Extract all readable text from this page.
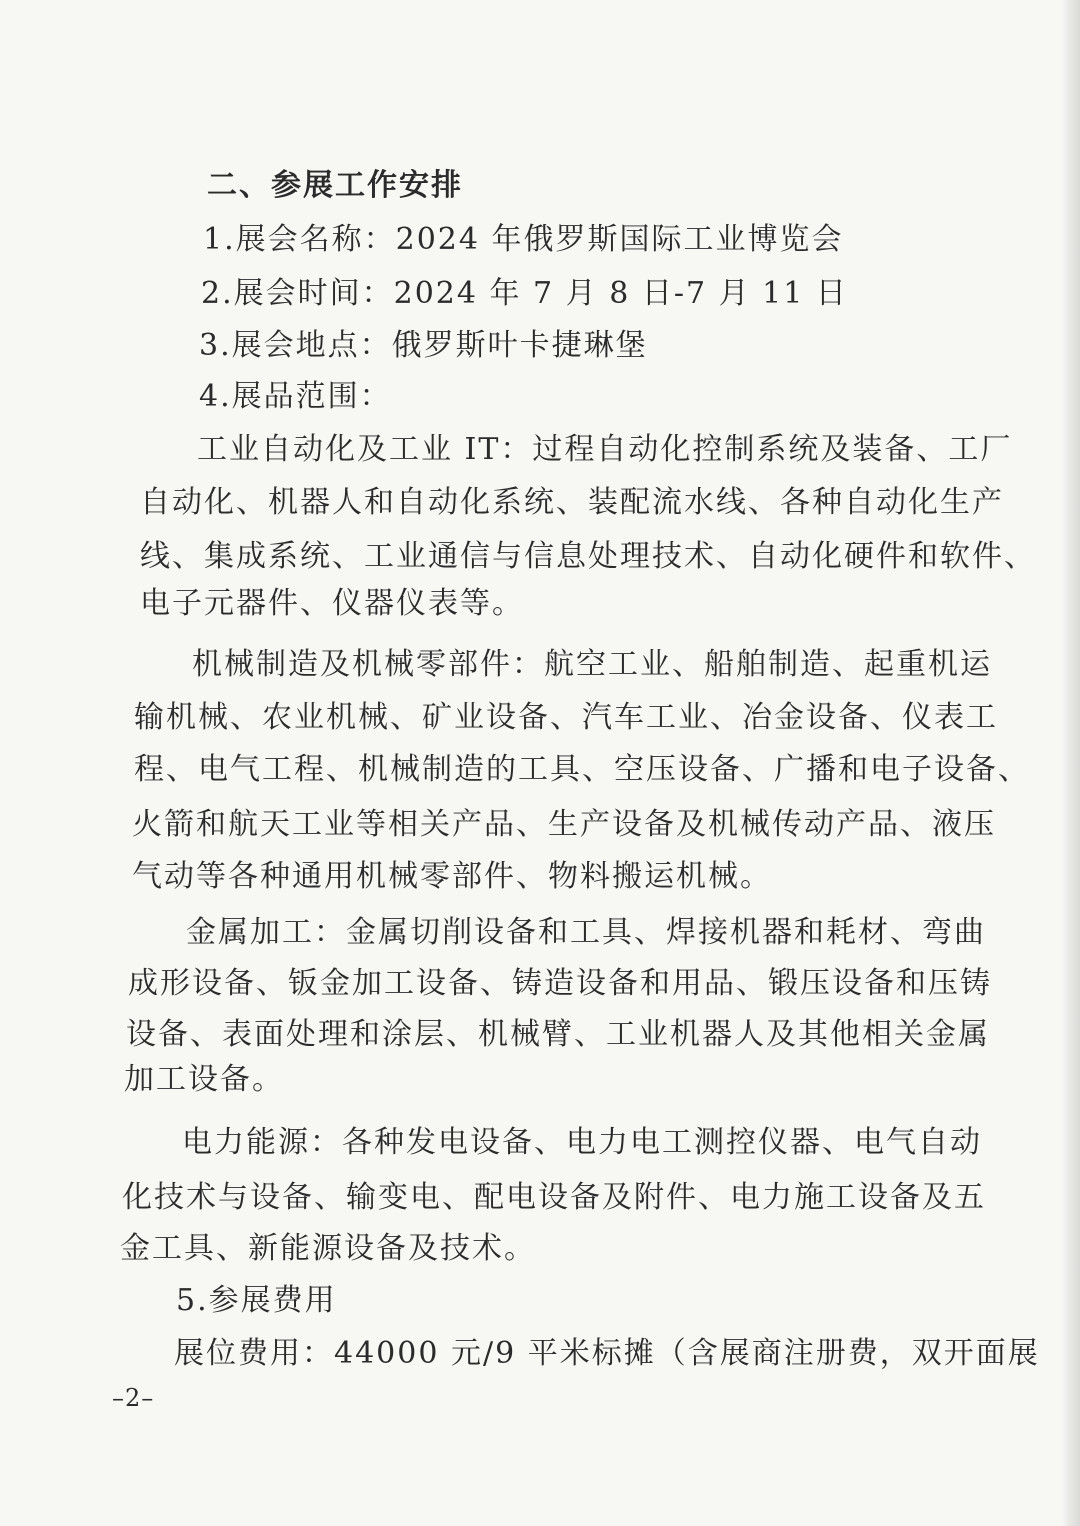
二、参展工作安排
1.展会名称：2024 年俄罗斯国际工业博览会
2.展会时间：2024 年 7 月 8 日-7 月 11 日
3.展会地点：俄罗斯叶卡捷琳堡
4.展品范围：
工业自动化及工业 IT：过程自动化控制系统及装备、工厂
自动化、机器人和自动化系统、装配流水线、各种自动化生产
线、集成系统、工业通信与信息处理技术、自动化硬件和软件、
电子元器件、仪器仪表等。
机械制造及机械零部件：航空工业、船舶制造、起重机运
输机械、农业机械、矿业设备、汽车工业、冶金设备、仪表工
程、电气工程、机械制造的工具、空压设备、广播和电子设备、
火箭和航天工业等相关产品、生产设备及机械传动产品、液压
气动等各种通用机械零部件、物料搬运机械。
金属加工：金属切削设备和工具、焊接机器和耗材、弯曲
成形设备、钣金加工设备、铸造设备和用品、锻压设备和压铸
设备、表面处理和涂层、机械臂、工业机器人及其他相关金属
加工设备。
电力能源：各种发电设备、电力电工测控仪器、电气自动
化技术与设备、输变电、配电设备及附件、电力施工设备及五
金工具、新能源设备及技术。
5.参展费用
展位费用：44000 元/9 平米标摊（含展商注册费，双开面展
–2–
